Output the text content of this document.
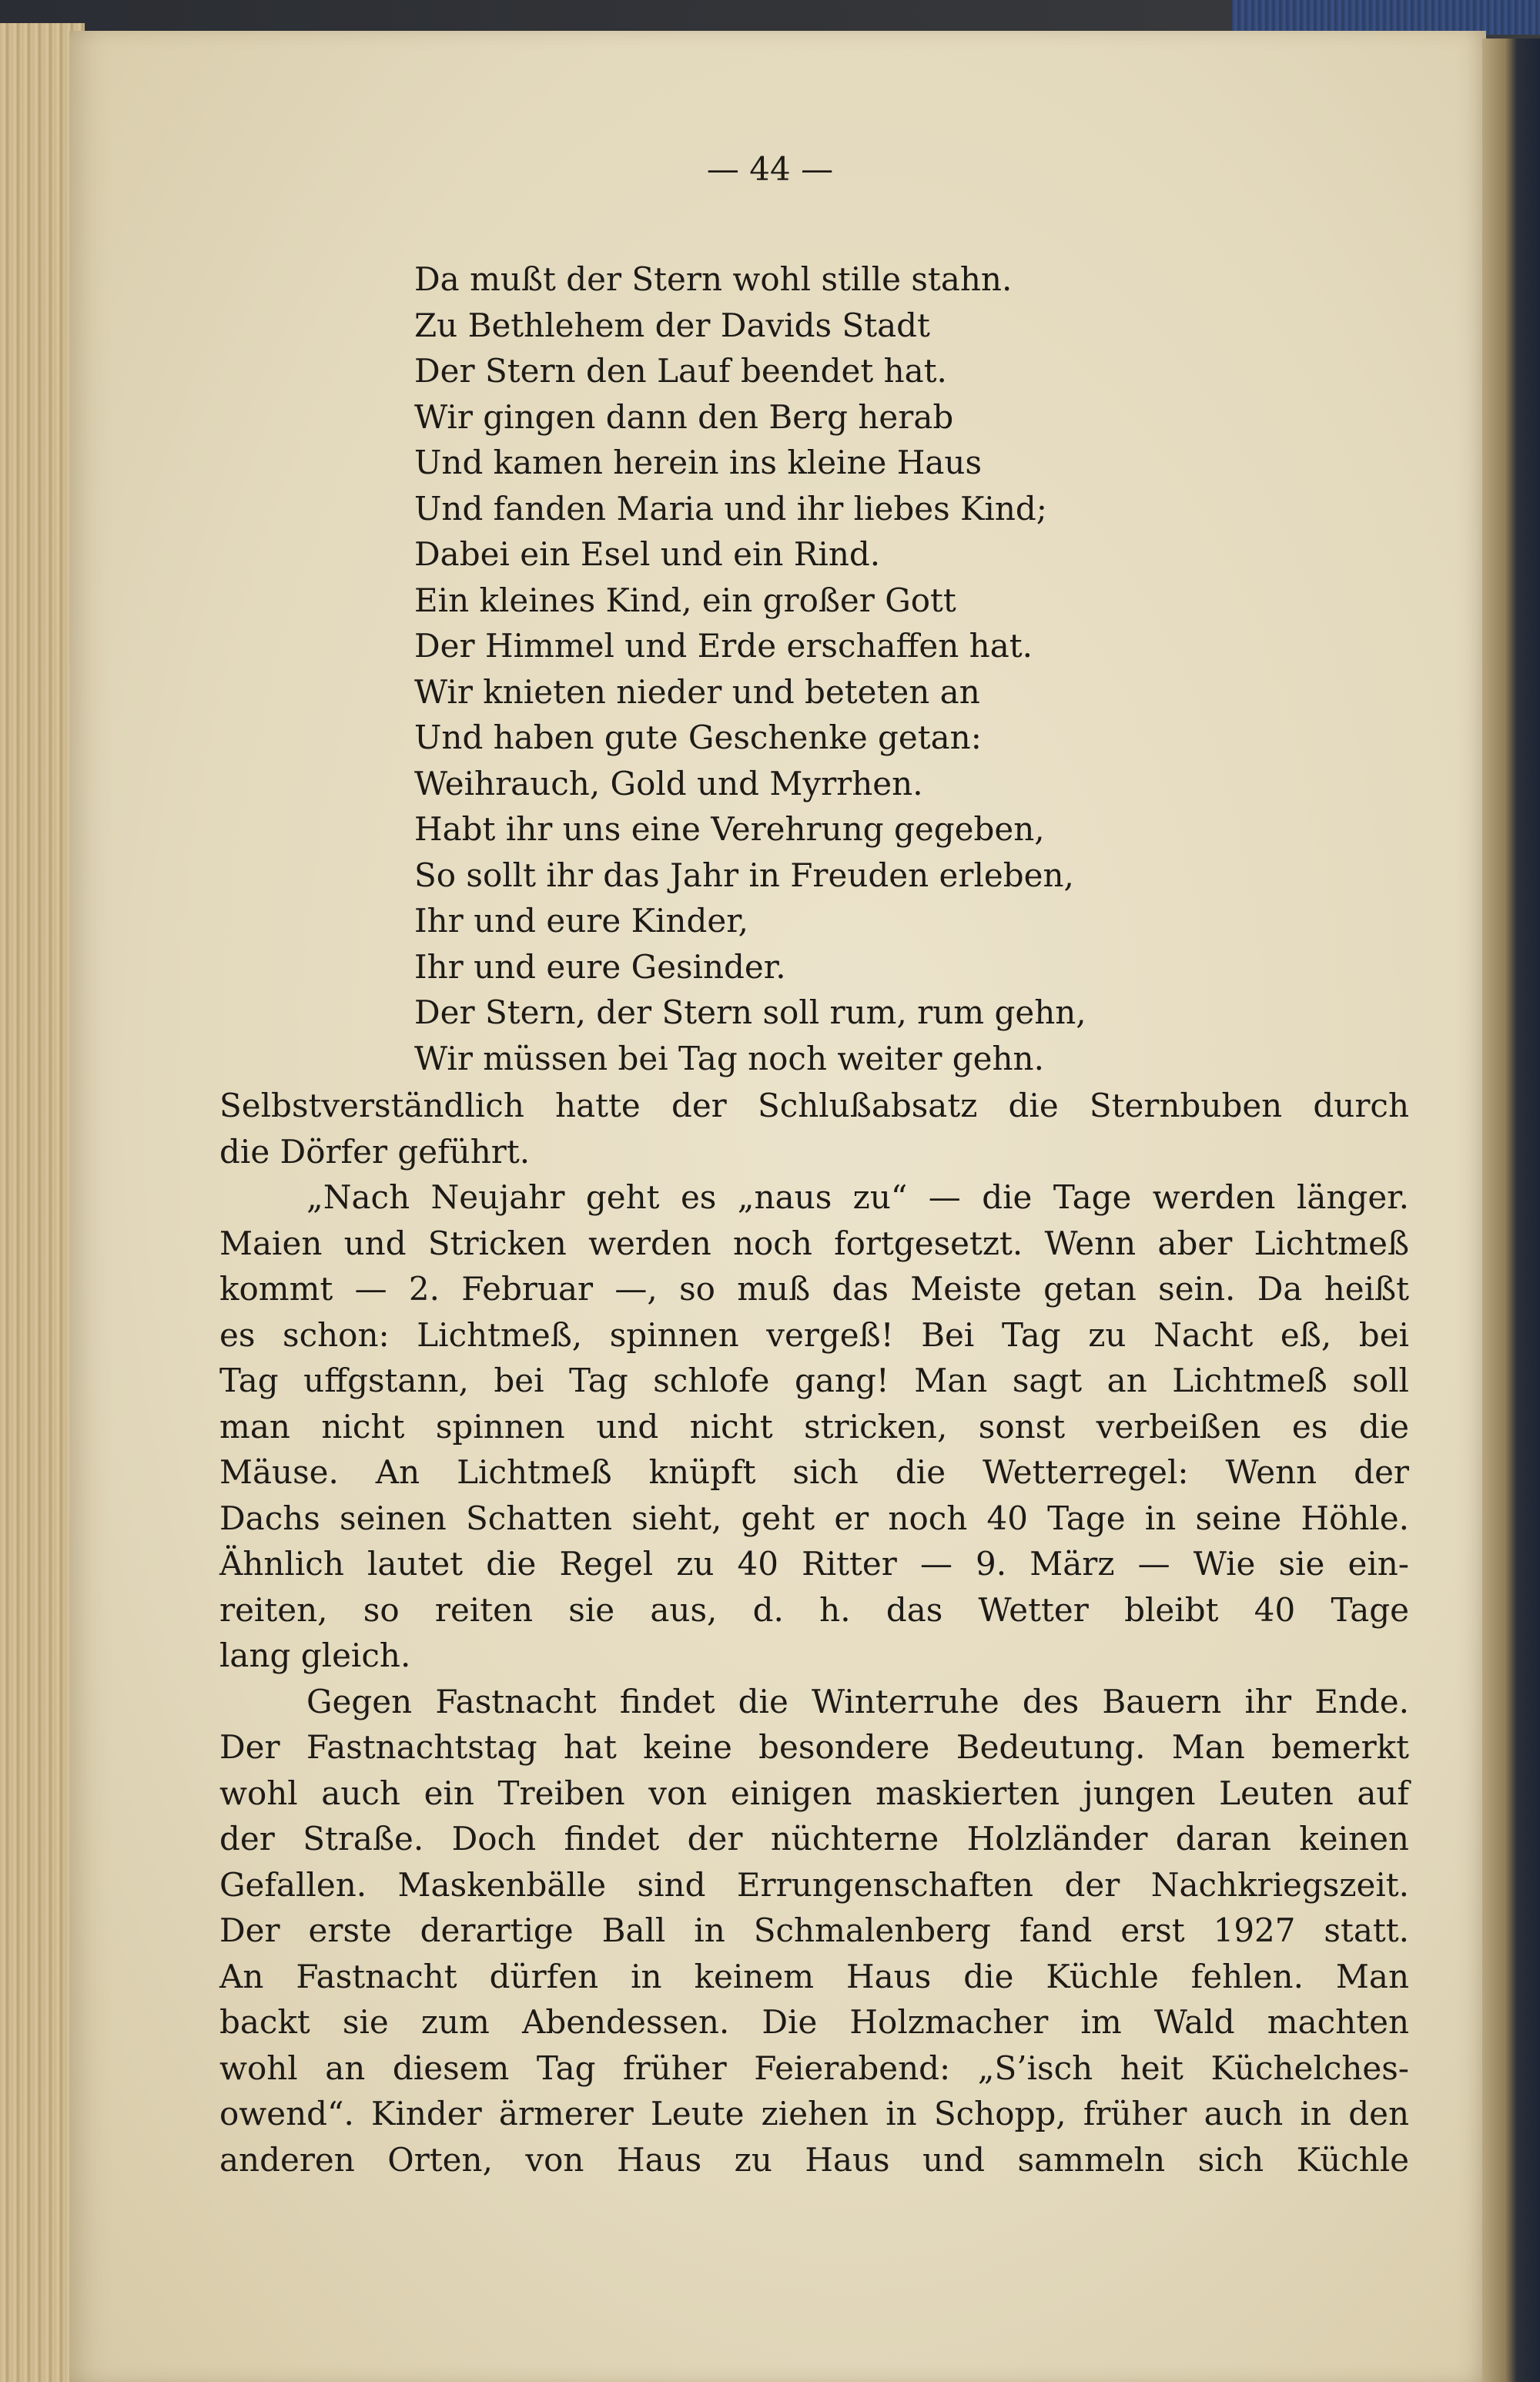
— 44 —
Da mußt der Stern wohl stille stahn.
Zu Bethlehem der Davids Stadt
Der Stern den Lauf beendet hat.
Wir gingen dann den Berg herab
Und kamen herein ins kleine Haus
Und fanden Maria und ihr liebes Kind;
Dabei ein Esel und ein Rind.
Ein kleines Kind, ein großer Gott
Der Himmel und Erde erschaffen hat.
Wir knieten nieder und beteten an
Und haben gute Geschenke getan:
Weihrauch, Gold und Myrrhen.
Habt ihr uns eine Verehrung gegeben,
So sollt ihr das Jahr in Freuden erleben,
Ihr und eure Kinder,
Ihr und eure Gesinder.
Der Stern, der Stern soll rum, rum gehn,
Wir müssen bei Tag noch weiter gehn.
Selbstverständlich hatte der Schlußabsatz die Sternbuben durch
die Dörfer geführt.
„Nach Neujahr geht es „naus zu“ — die Tage werden länger.
Maien und Stricken werden noch fortgesetzt. Wenn aber Lichtmeß
kommt — 2. Februar —, so muß das Meiste getan sein. Da heißt
es schon: Lichtmeß, spinnen vergeß! Bei Tag zu Nacht eß, bei
Tag uffgstann, bei Tag schlofe gang! Man sagt an Lichtmeß soll
man nicht spinnen und nicht stricken, sonst verbeißen es die
Mäuse. An Lichtmeß knüpft sich die Wetterregel: Wenn der
Dachs seinen Schatten sieht, geht er noch 40 Tage in seine Höhle.
Ähnlich lautet die Regel zu 40 Ritter — 9. März — Wie sie ein-
reiten, so reiten sie aus, d. h. das Wetter bleibt 40 Tage
lang gleich.
Gegen Fastnacht findet die Winterruhe des Bauern ihr Ende.
Der Fastnachtstag hat keine besondere Bedeutung. Man bemerkt
wohl auch ein Treiben von einigen maskierten jungen Leuten auf
der Straße. Doch findet der nüchterne Holzländer daran keinen
Gefallen. Maskenbälle sind Errungenschaften der Nachkriegszeit.
Der erste derartige Ball in Schmalenberg fand erst 1927 statt.
An Fastnacht dürfen in keinem Haus die Küchle fehlen. Man
backt sie zum Abendessen. Die Holzmacher im Wald machten
wohl an diesem Tag früher Feierabend: „S’isch heit Küchelches-
owend“. Kinder ärmerer Leute ziehen in Schopp, früher auch in den
anderen Orten, von Haus zu Haus und sammeln sich Küchle
